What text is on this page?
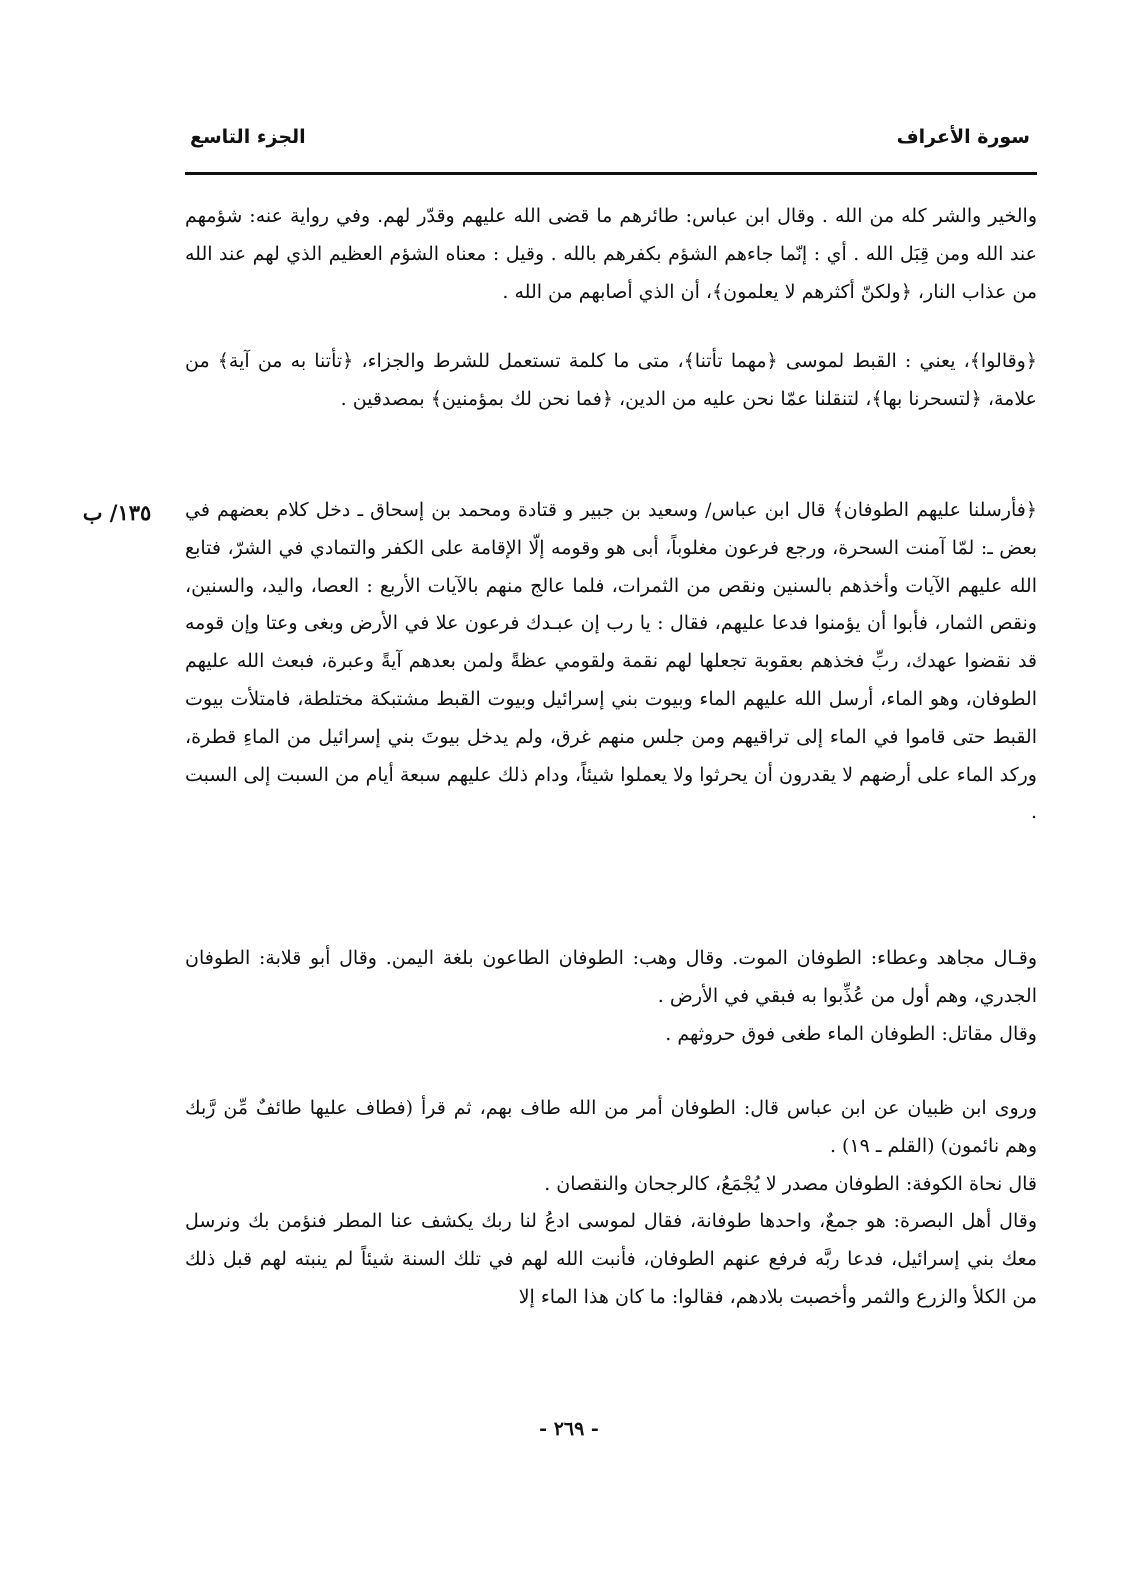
سورة الأعراف
الجزء التاسع

والخير والشر كله من الله . وقال ابن عباس: طائرهم ما قضى الله عليهم وقدّر لهم. وفي رواية عنه: شؤمهم عند الله ومن قِبَل الله . أي : إنّما جاءهم الشؤم بكفرهم بالله . وقيل : معناه الشؤم العظيم الذي لهم عند الله من عذاب النار، ﴿ولكنّ أكثرهم لا يعلمون﴾، أن الذي أصابهم من الله .

﴿وقالوا﴾، يعني : القبط لموسى ﴿مهما تأتنا﴾، متى ما كلمة تستعمل للشرط والجزاء، ﴿تأتنا به من آية﴾ من علامة، ﴿لتسحرنا بها﴾، لتنقلنا عمّا نحن عليه من الدين، ﴿فما نحن لك بمؤمنين﴾ بمصدقين .

١٣٥/ ب	﴿فأرسلنا عليهم الطوفان﴾ قال ابن عباس/ وسعيد بن جبير و قتادة ومحمد بن إسحاق ـ دخل كلام بعضهم في بعض ـ: لمّا آمنت السحرة، ورجع فرعون مغلوباً، أبى هو وقومه إلّا الإقامة على الكفر والتمادي في الشرّ، فتابع الله عليهم الآيات وأخذهم بالسنين ونقص من الثمرات، فلما عالج منهم بالآيات الأربع : العصا، واليد، والسنين، ونقص الثمار، فأبوا أن يؤمنوا فدعا عليهم، فقال : يا رب إن عبـدك فرعون علا في الأرض وبغى وعتا وإن قومه قد نقضوا عهدك، ربِّ فخذهم بعقوبة تجعلها لهم نقمة ولقومي عظةً ولمن بعدهم آيةً وعبرة، فبعث الله عليهم الطوفان، وهو الماء، أرسل الله عليهم الماء وبيوت بني إسرائيل وبيوت القبط مشتبكة مختلطة، فامتلأت بيوت القبط حتى قاموا في الماء إلى تراقيهم ومن جلس منهم غرق، ولم يدخل بيوتَ بني إسرائيل من الماءِ قطرة، وركد الماء على أرضهم لا يقدرون أن يحرثوا ولا يعملوا شيئاً، ودام ذلك عليهم سبعة أيام من السبت إلى السبت .

وقـال مجاهد وعطاء: الطوفان الموت. وقال وهب: الطوفان الطاعون بلغة اليمن. وقال أبو قلابة: الطوفان الجدري، وهم أول من عُذِّبوا به فبقي في الأرض .

وقال مقاتل: الطوفان الماء طغى فوق حروثهم .

وروى ابن ظبيان عن ابن عباس قال: الطوفان أمر من الله طاف بهم، ثم قرأ (فطاف عليها طائفٌ مِّن رَّبك وهم نائمون) (القلم ـ ١٩) .

قال نحاة الكوفة: الطوفان مصدر لا يُجْمَعُ، كالرجحان والنقصان .

وقال أهل البصرة: هو جمعٌ، واحدها طوفانة، فقال لموسى ادعُ لنا ربك يكشف عنا المطر فنؤمن بك ونرسل معك بني إسرائيل، فدعا ربَّه فرفع عنهم الطوفان، فأنبت الله لهم في تلك السنة شيئاً لم ينبته لهم قبل ذلك من الكلأ والزرع والثمر وأخصبت بلادهم، فقالوا: ما كان هذا الماء إلا

- ٢٦٩ -
